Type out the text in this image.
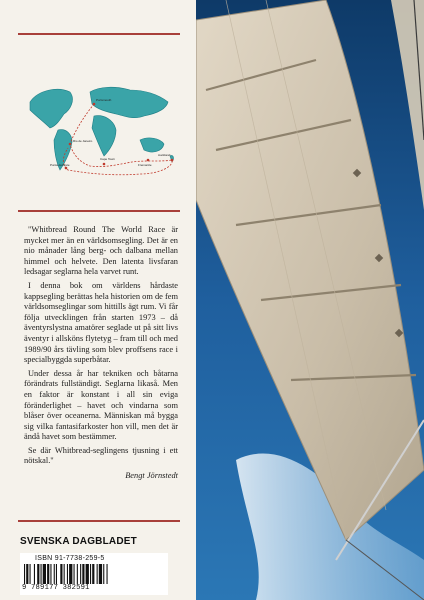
Portsmouth
Rio de Janeiro
Punta del Este	Fremantle
Auckland
Cape Town

"Whitbread Round The World Race är mycket mer än en världsomsegling. Det är en nio månader lång berg- och dalbana mellan himmel och helvete. Den latenta livsfaran ledsagar seglarna hela varvet runt.

I denna bok om världens hårdaste kappsegling berättas hela historien om de fem världsomseglingar som hittills ägt rum. Vi får följa utvecklingen från starten 1973 – då äventyrslystna amatörer seglade ut på sitt livs äventyr i allsköns flytetyg – fram till och med 1989/90 års tävling som blev proffsens race i specialbyggda superbåtar.

Under dessa år har tekniken och båtarna förändrats fullständigt. Seglarna likaså. Men en faktor är konstant i all sin eviga föränderlighet – havet och vindarna som blåser över oceanerna. Människan må bygga sig vilka fantasifarkoster hon vill, men det är ändå havet som bestämmer.

Se där Whitbread-seglingens tjusning i ett nötskal."

Bengt Jörnstedt
SVENSKA DAGBLADET
ISBN 91-7738-259-5
9 789177 382591
